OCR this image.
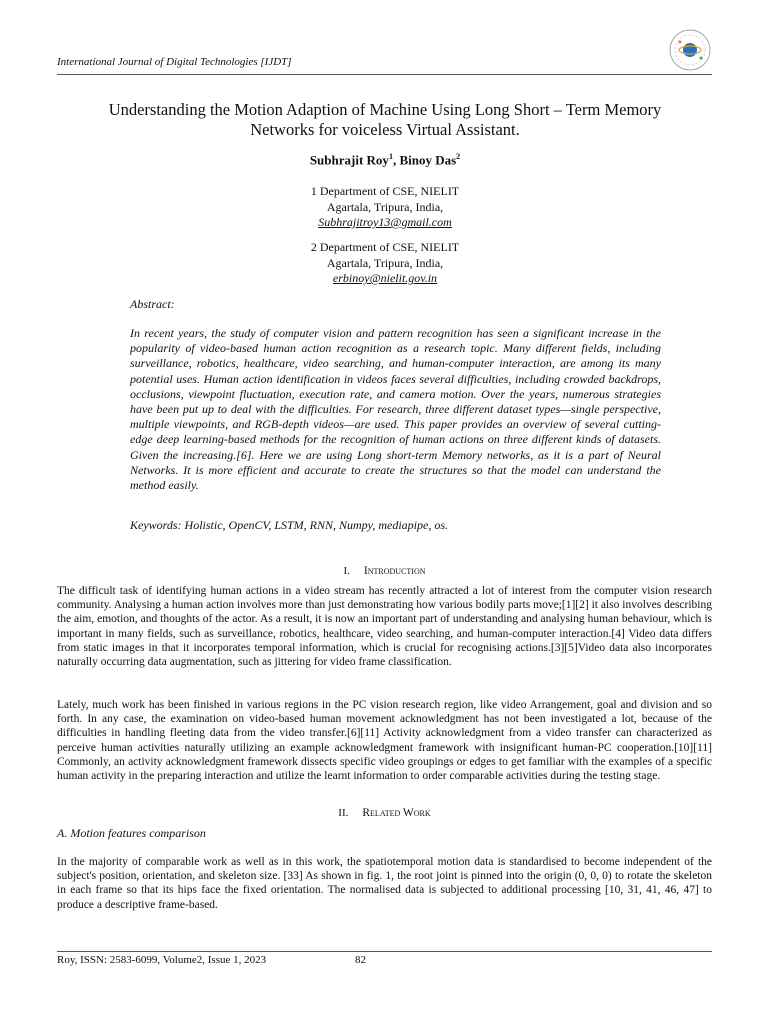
International Journal of Digital Technologies [IJDT]
Understanding the Motion Adaption of Machine Using Long Short – Term Memory
Networks for voiceless Virtual Assistant.
Subhrajit Roy$^1$, Binoy Das$^2$
1 Department of CSE, NIELIT
Agartala, Tripura, India,
Subhrajitroy13@gmail.com
2 Department of CSE, NIELIT
Agartala, Tripura, India,
erbinoy@nielit.gov.in
Abstract:

In recent years, the study of computer vision and pattern recognition has seen a significant increase in the popularity of video-based human action recognition as a research topic. Many different fields, including surveillance, robotics, healthcare, video searching, and human-computer interaction, are among its many potential uses. Human action identification in videos faces several difficulties, including crowded backdrops, occlusions, viewpoint fluctuation, execution rate, and camera motion. Over the years, numerous strategies have been put up to deal with the difficulties. For research, three different dataset types—single perspective, multiple viewpoints, and RGB-depth videos—are used. This paper provides an overview of several cutting-edge deep learning-based methods for the recognition of human actions on three different kinds of datasets. Given the increasing.[6]. Here we are using Long short-term Memory networks, as it is a part of Neural Networks. It is more efficient and accurate to create the structures so that the model can understand the method easily.

Keywords: Holistic, OpenCV, LSTM, RNN, Numpy, mediapipe, os.
I. Introduction

The difficult task of identifying human actions in a video stream has recently attracted a lot of interest from the computer vision research community. Analysing a human action involves more than just demonstrating how various bodily parts move;[1][2] it also involves describing the aim, emotion, and thoughts of the actor. As a result, it is now an important part of understanding and analysing human behaviour, which is important in many fields, such as surveillance, robotics, healthcare, video searching, and human-computer interaction.[4] Video data differs from static images in that it incorporates temporal information, which is crucial for recognising actions.[3][5]Video data also incorporates naturally occurring data augmentation, such as jittering for video frame classification.

Lately, much work has been finished in various regions in the PC vision research region, like video Arrangement, goal and division and so forth. In any case, the examination on video-based human movement acknowledgment has not been investigated a lot, because of the difficulties in handling fleeting data from the video transfer.[6][11] Activity acknowledgment from a video transfer can characterized as perceive human activities naturally utilizing an example acknowledgment framework with insignificant human-PC cooperation.[10][11] Commonly, an activity acknowledgment framework dissects specific video groupings or edges to get familiar with the examples of a specific human activity in the preparing interaction and utilize the learnt information to order comparable activities during the testing stage.

II. Related Work
A. Motion features comparison

In the majority of comparable work as well as in this work, the spatiotemporal motion data is standardised to become independent of the subject's position, orientation, and skeleton size. [33] As shown in fig. 1, the root joint is pinned into the origin (0, 0, 0) to rotate the skeleton in each frame so that its hips face the fixed orientation. The normalised data is subjected to additional processing [10, 31, 41, 46, 47] to produce a descriptive frame-based.

Roy, ISSN: 2583-6099, Volume2, Issue 1, 2023	82
